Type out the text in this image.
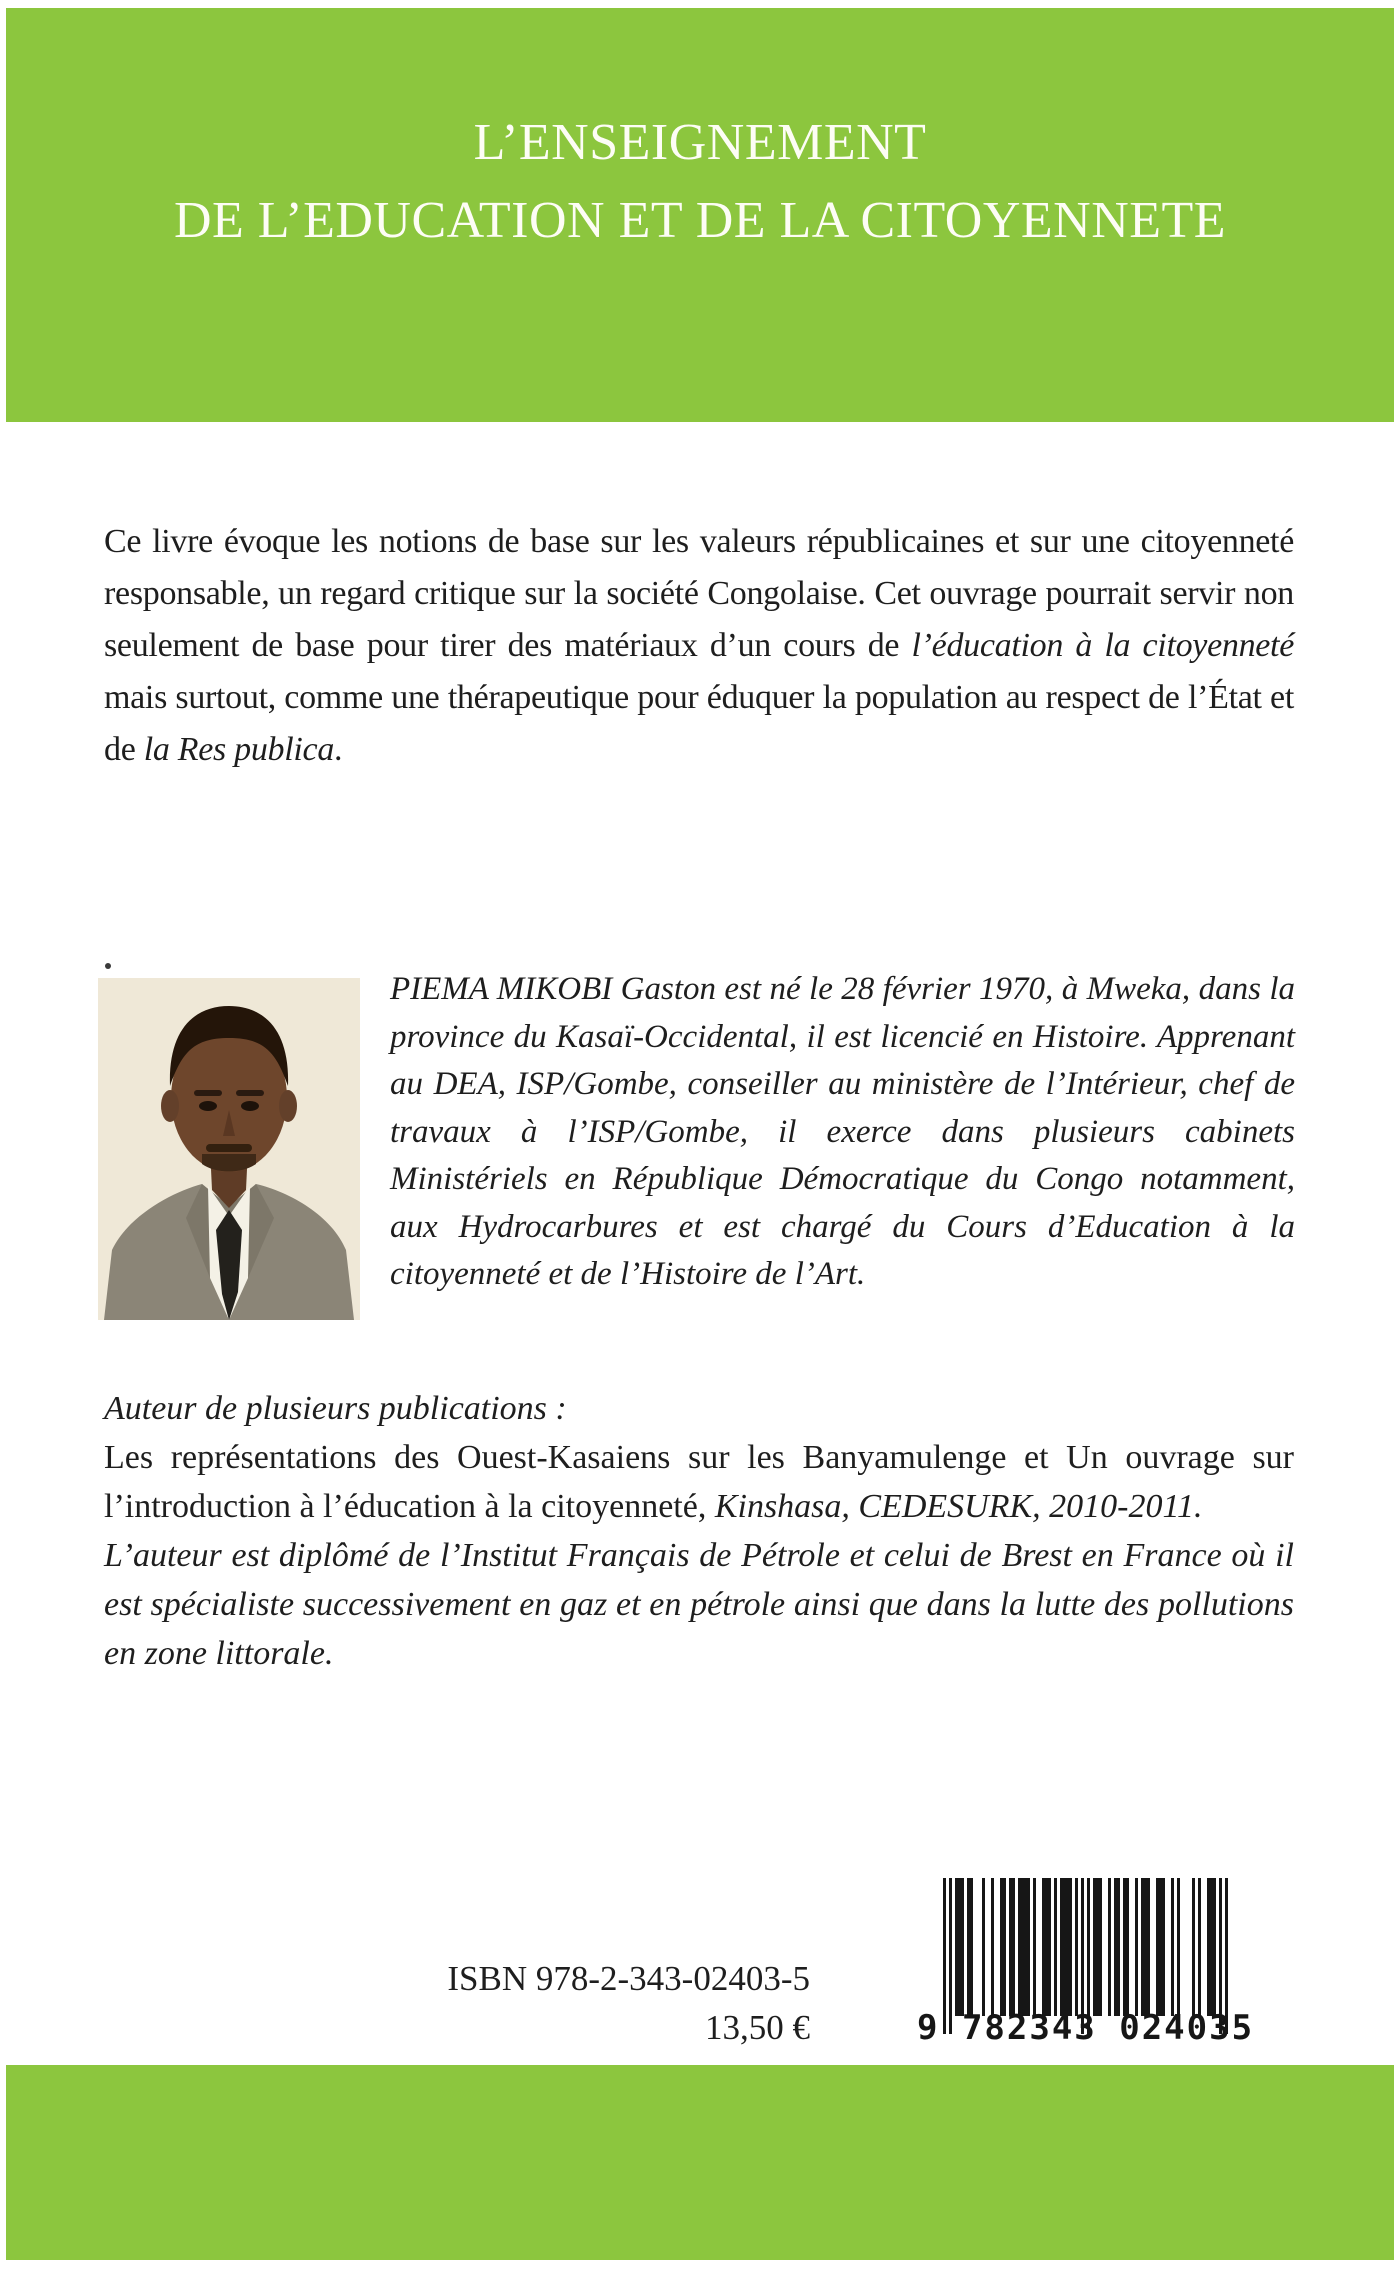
L’ENSEIGNEMENT
DE L’EDUCATION ET DE LA CITOYENNETE
Ce livre évoque les notions de base sur les valeurs républicaines et sur une citoyenneté responsable, un regard critique sur la société Congolaise. Cet ouvrage pourrait servir non seulement de base pour tirer des matériaux d’un cours de l’éducation à la citoyenneté mais surtout, comme une thérapeutique pour éduquer la population au respect de l’État et de la Res publica.
PIEMA MIKOBI Gaston est né le 28 février 1970, à Mweka, dans la province du Kasaï-Occidental, il est licencié en Histoire. Apprenant au DEA, ISP/Gombe, conseiller au ministère de l’Intérieur, chef de travaux à l’ISP/Gombe, il exerce dans plusieurs cabinets Ministériels en République Démocratique du Congo notamment, aux Hydrocarbures et est chargé du Cours d’Education à la citoyenneté et de l’Histoire de l’Art.
Auteur de plusieurs publications :

Les représentations des Ouest-Kasaiens sur les Banyamulenge et Un ouvrage sur l’introduction à l’éducation à la citoyenneté, Kinshasa, CEDESURK, 2010-2011.

L’auteur est diplômé de l’Institut Français de Pétrole et celui de Brest en France où il est spécialiste successivement en gaz et en pétrole ainsi que dans la lutte des pollutions en zone littorale.

ISBN 978-2-343-02403-5
13,50 €	9 782343 024035
